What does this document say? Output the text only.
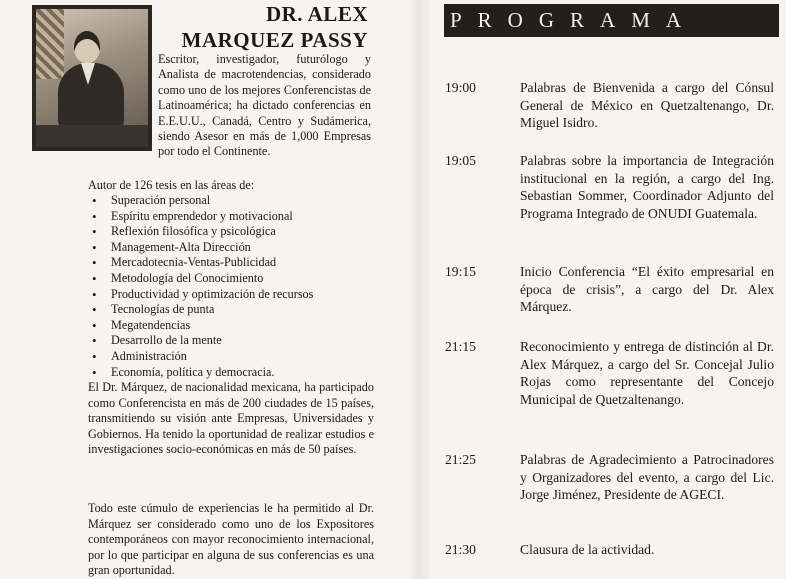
DR. ALEX
MARQUEZ PASSY
Escritor, investigador, futurólogo y Analista de macrotendencias, considerado como uno de los mejores Conferencistas de Latinoamérica; ha dictado conferencias en E.E.U.U., Canadá, Centro y Sudámerica, siendo Asesor en más de 1,000 Empresas por todo el Continente.
Autor de 126 tesis en las áreas de:
• Superación personal
• Espíritu emprendedor y motivacional
• Reflexión filosófica y psicológica
• Management-Alta Dirección
• Mercadotecnia-Ventas-Publicidad
• Metodología del Conocimiento
• Productividad y optimización de recursos
• Tecnologías de punta
• Megatendencias
• Desarrollo de la mente
• Administración
• Economía, política y democracia.
El Dr. Márquez, de nacionalidad mexicana, ha participado como Conferencista en más de 200 ciudades de 15 países, transmitiendo su visión ante Empresas, Universidades y Gobiernos. Ha tenido la oportunidad de realizar estudios e investigaciones socio-económicas en más de 50 países.
Todo este cúmulo de experiencias le ha permitido al Dr. Márquez ser considerado como uno de los Expositores contemporáneos con mayor reconocimiento internacional, por lo que participar en alguna de sus conferencias es una gran oportunidad.
PROGRAMA
19:00	Palabras de Bienvenida a cargo del Cónsul General de México en Quetzaltenango, Dr. Miguel Isidro.
19:05	Palabras sobre la importancia de Integración institucional en la región, a cargo del Ing. Sebastian Sommer, Coordinador Adjunto del Programa Integrado de ONUDI Guatemala.
19:15	Inicio Conferencia “El éxito empresarial en época de crisis”, a cargo del Dr. Alex Márquez.
21:15	Reconocimiento y entrega de distinción al Dr. Alex Márquez, a cargo del Sr. Concejal Julio Rojas como representante del Concejo Municipal de Quetzaltenango.
21:25	Palabras de Agradecimiento a Patrocinadores y Organizadores del evento, a cargo del Lic. Jorge Jiménez, Presidente de AGECI.
21:30	Clausura de la actividad.
